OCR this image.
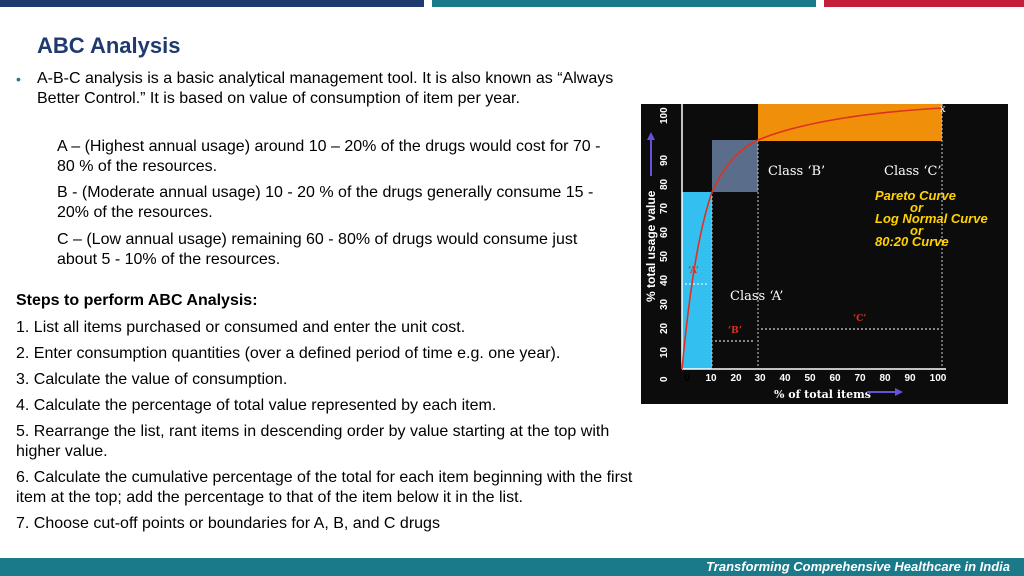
ABC Analysis
• A-B-C analysis is a basic analytical management tool. It is also known as “Always Better Control.” It is based on value of consumption of item per year.
A – (Highest annual usage) around 10 – 20% of the drugs would cost for 70 - 80 % of the resources.
B - (Moderate annual usage) 10 - 20 % of the drugs generally consume 15 - 20% of the resources.
C – (Low annual usage) remaining 60 - 80% of drugs would consume just about 5 - 10% of the resources.
Steps to perform ABC Analysis:
1. List all items purchased or consumed and enter the unit cost.
2. Enter consumption quantities (over a defined period of time e.g. one year).
3. Calculate the value of consumption.
4. Calculate the percentage of total value represented by each item.
5. Rearrange the list, rant items in descending order by value starting at the top with higher value.
6. Calculate the cumulative percentage of the total for each item beginning with the first item at the top; add the percentage to that of the item below it in the list.
7. Choose cut-off points or boundaries for A, B, and C drugs
x
Class ‘B’	Class ‘C’
Class ‘A’
Pareto Curve
or
Log Normal Curve
or
80:20 Curve
‘A’
‘B’
‘C’
0
10
20
30
40
50
60
70
80
90
100
% total usage value
0 10 20 30 40 50 60 70 80 90 100
% of total items
Transforming Comprehensive Healthcare in India
